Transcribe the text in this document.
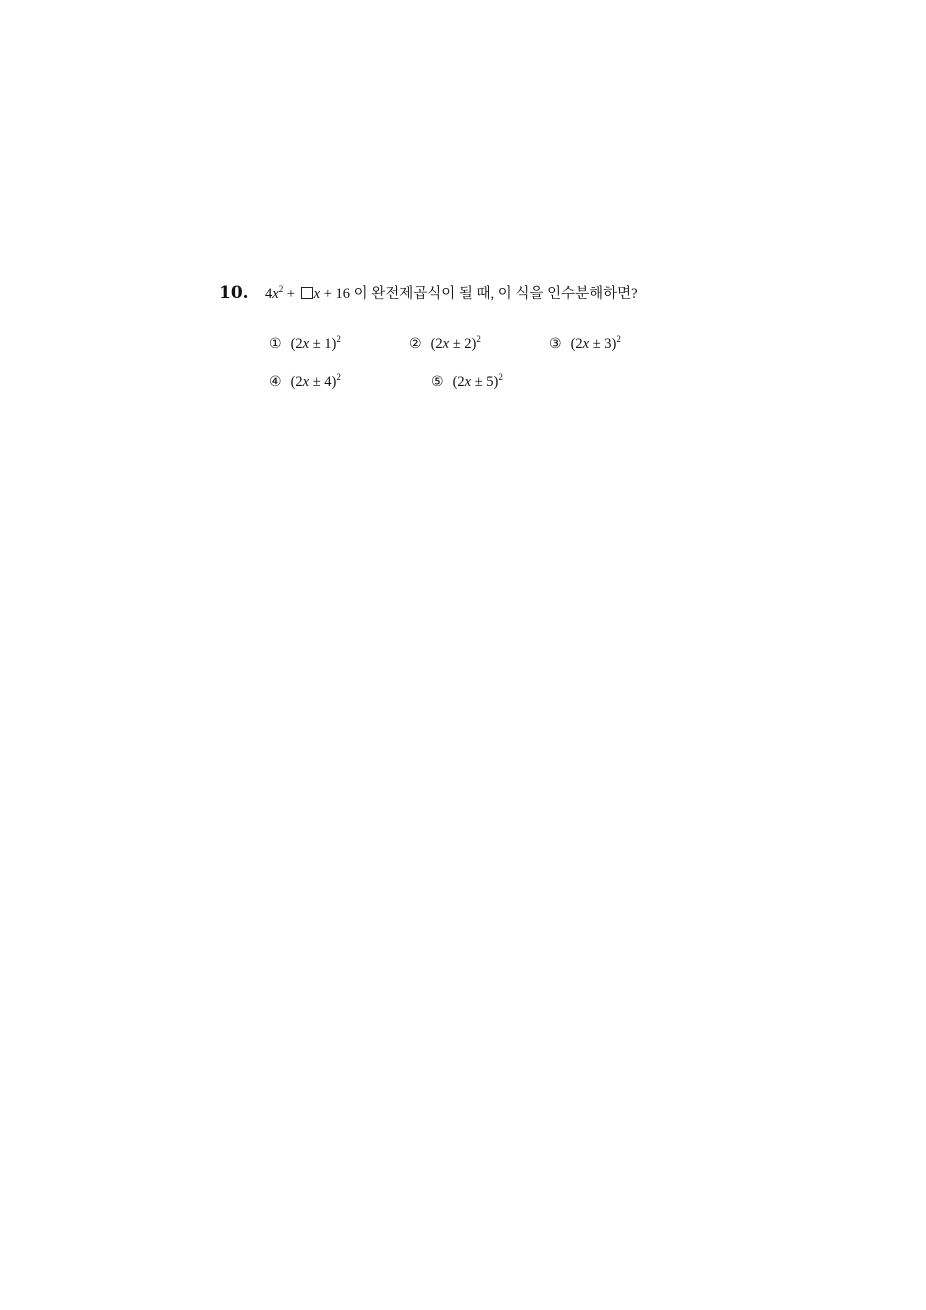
10.	$4x^2 + x + 16$ 이 완전제곱식이 될 때, 이 식을 인수분해하면?
① $(2x \pm 1)^2$	② $(2x \pm 2)^2$	③ $(2x \pm 3)^2$
④ $(2x \pm 4)^2$	⑤ $(2x \pm 5)^2$
